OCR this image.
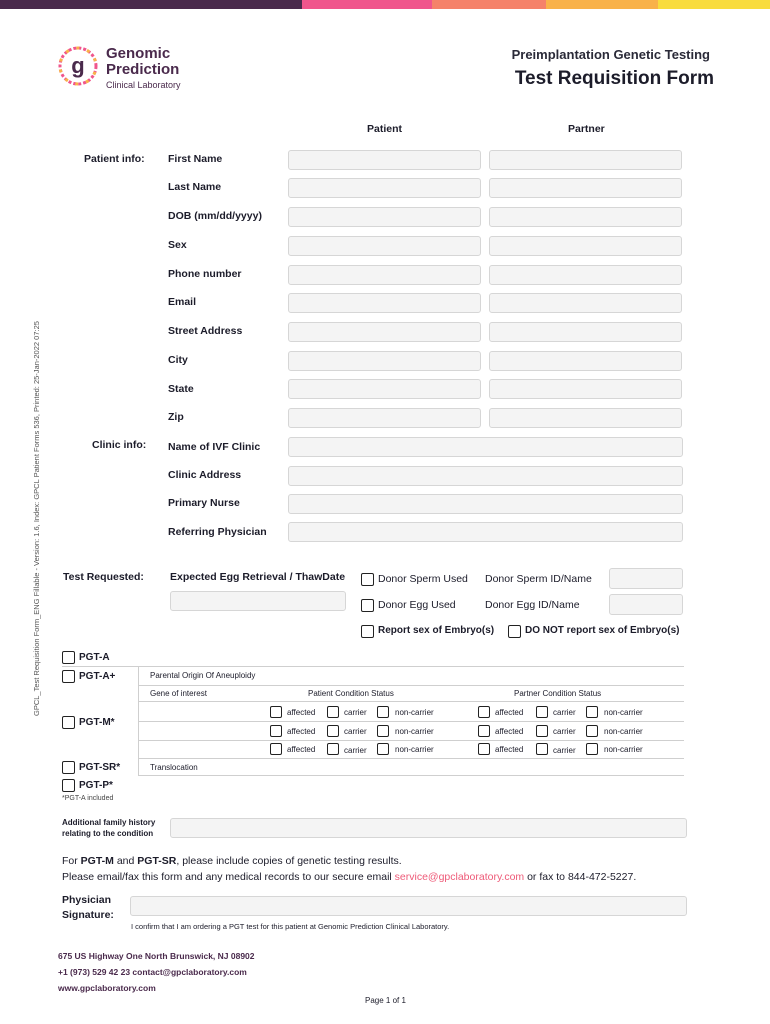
g Genomic
Prediction
Clinical Laboratory
Preimplantation Genetic Testing
Test Requisition Form
Patient	Partner
GPCL_Test Requisition Form_ENG Fillable - Version: 1.6, Index: GPCL Patient Forms 536, Printed: 25-Jan-2022 07:25
Patient info: First Name
Last Name
DOB (mm/dd/yyyy)
Sex
Phone number
Email
Street Address
City
State
Zip
Clinic info: Name of IVF Clinic
Clinic Address
Primary Nurse
Referring Physician
Test Requested: Expected Egg Retrieval / ThawDate	Donor Sperm Used Donor Sperm ID/Name
Donor Egg Used	Donor Egg ID/Name
Report sex of Embryo(s)	DO NOT report sex of Embryo(s)
PGT-A
PGT-A+
PGT-M*
PGT-SR*
PGT-P*
*PGT-A included
Parental Origin Of Aneuploidy
Gene of interest	Patient Condition Status	Partner Condition Status
affected	carrier	non-carrier	affected	carrier	non-carrier
affected	carrier	non-carrier	affected	carrier	non-carrier
affected	carrier	non-carrier	affected	carrier	non-carrier
Translocation
Additional family history
relating to the condition
For PGT-M and PGT-SR, please include copies of genetic testing results.
Please email/fax this form and any medical records to our secure email service@gpclaboratory.com or fax to 844-472-5227.
Physician
Signature:
I confirm that I am ordering a PGT test for this patient at Genomic Prediction Clinical Laboratory.
675 US Highway One North Brunswick, NJ 08902
+1 (973) 529 42 23 contact@gpclaboratory.com
www.gpclaboratory.com
Page 1 of 1
